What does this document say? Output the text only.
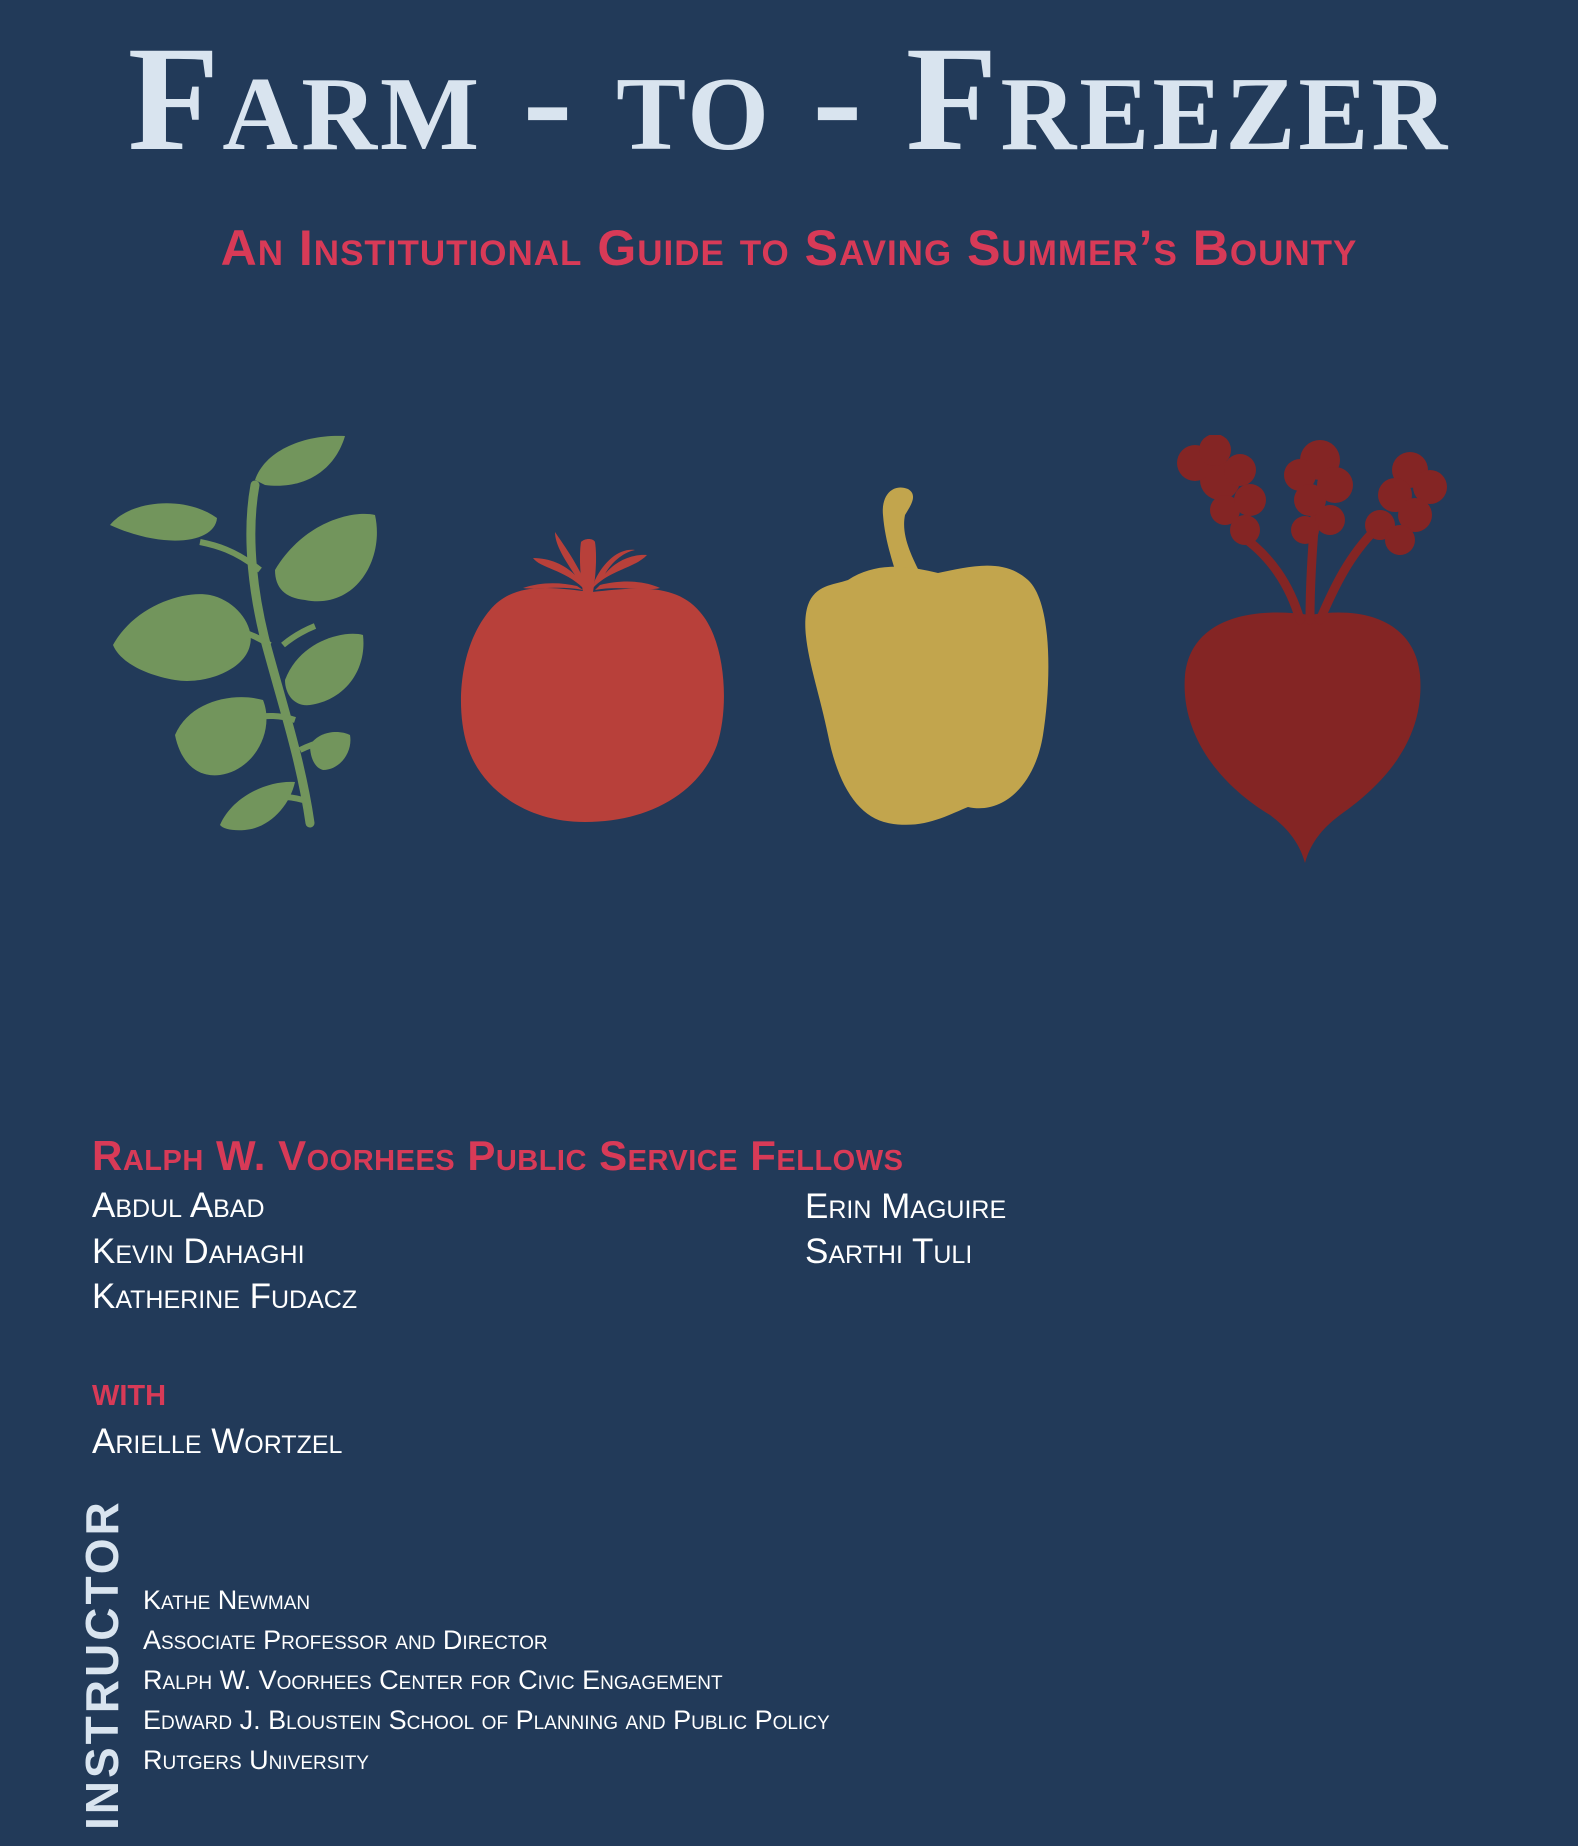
Farm - to - Freezer
An Institutional Guide to Saving Summer’s Bounty
Ralph W. Voorhees Public Service Fellows
Abdul Abad
Kevin Dahaghi
Katherine Fudacz
Erin Maguire
Sarthi Tuli
with
Arielle Wortzel
INSTRUCTOR Kathe Newman
Associate Professor and Director
Ralph W. Voorhees Center for Civic Engagement
Edward J. Bloustein School of Planning and Public Policy
Rutgers University
